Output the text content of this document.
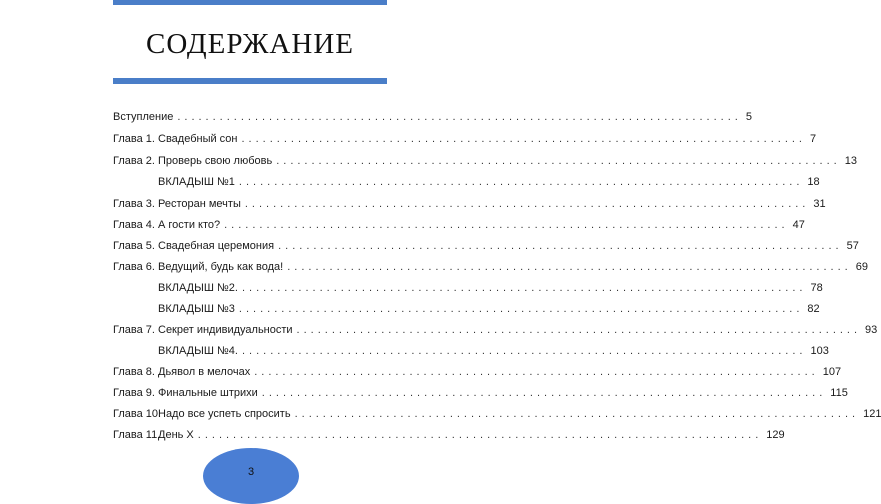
СОДЕРЖАНИЕ
Вступление ................................................................................ 5
Глава 1. Свадебный сон ................................................................................ 7
Глава 2. Проверь свою любовь ................................................................................ 13
ВКЛАДЫШ №1 ................................................................................ 18
Глава 3. Ресторан мечты ................................................................................ 31
Глава 4. А гости кто? ................................................................................ 47
Глава 5. Свадебная церемония ................................................................................ 57
Глава 6. Ведущий, будь как вода! ................................................................................ 69
ВКЛАДЫШ №2. ................................................................................ 78
ВКЛАДЫШ №3 ................................................................................ 82
Глава 7. Секрет индивидуальности ................................................................................ 93
ВКЛАДЫШ №4. ................................................................................ 103
Глава 8. Дьявол в мелочах ................................................................................ 107
Глава 9. Финальные штрихи ................................................................................ 115
Глава 10.
Надо все успеть спросить ................................................................................ 121
Глава 11.
День Х ................................................................................ 129
3
